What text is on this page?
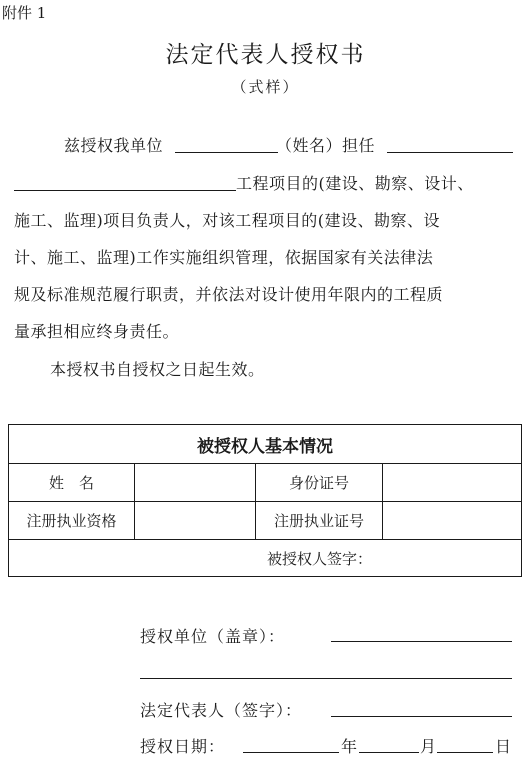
附件 1
法定代表人授权书
（式样）
兹授权我单位	（姓名）担任
工程项目的(建设、勘察、设计、
施工、监理)项目负责人，对该工程项目的(建设、勘察、设
计、施工、监理)工作实施组织管理，依据国家有关法律法
规及标准规范履行职责，并依法对设计使用年限内的工程质
量承担相应终身责任。
本授权书自授权之日起生效。
被授权人基本情况			
姓　名		身份证号	
注册执业资格		注册执业证号	
被授权人签字：			
授权单位（盖章）：
法定代表人（签字）：
授权日期：	年	月	日
